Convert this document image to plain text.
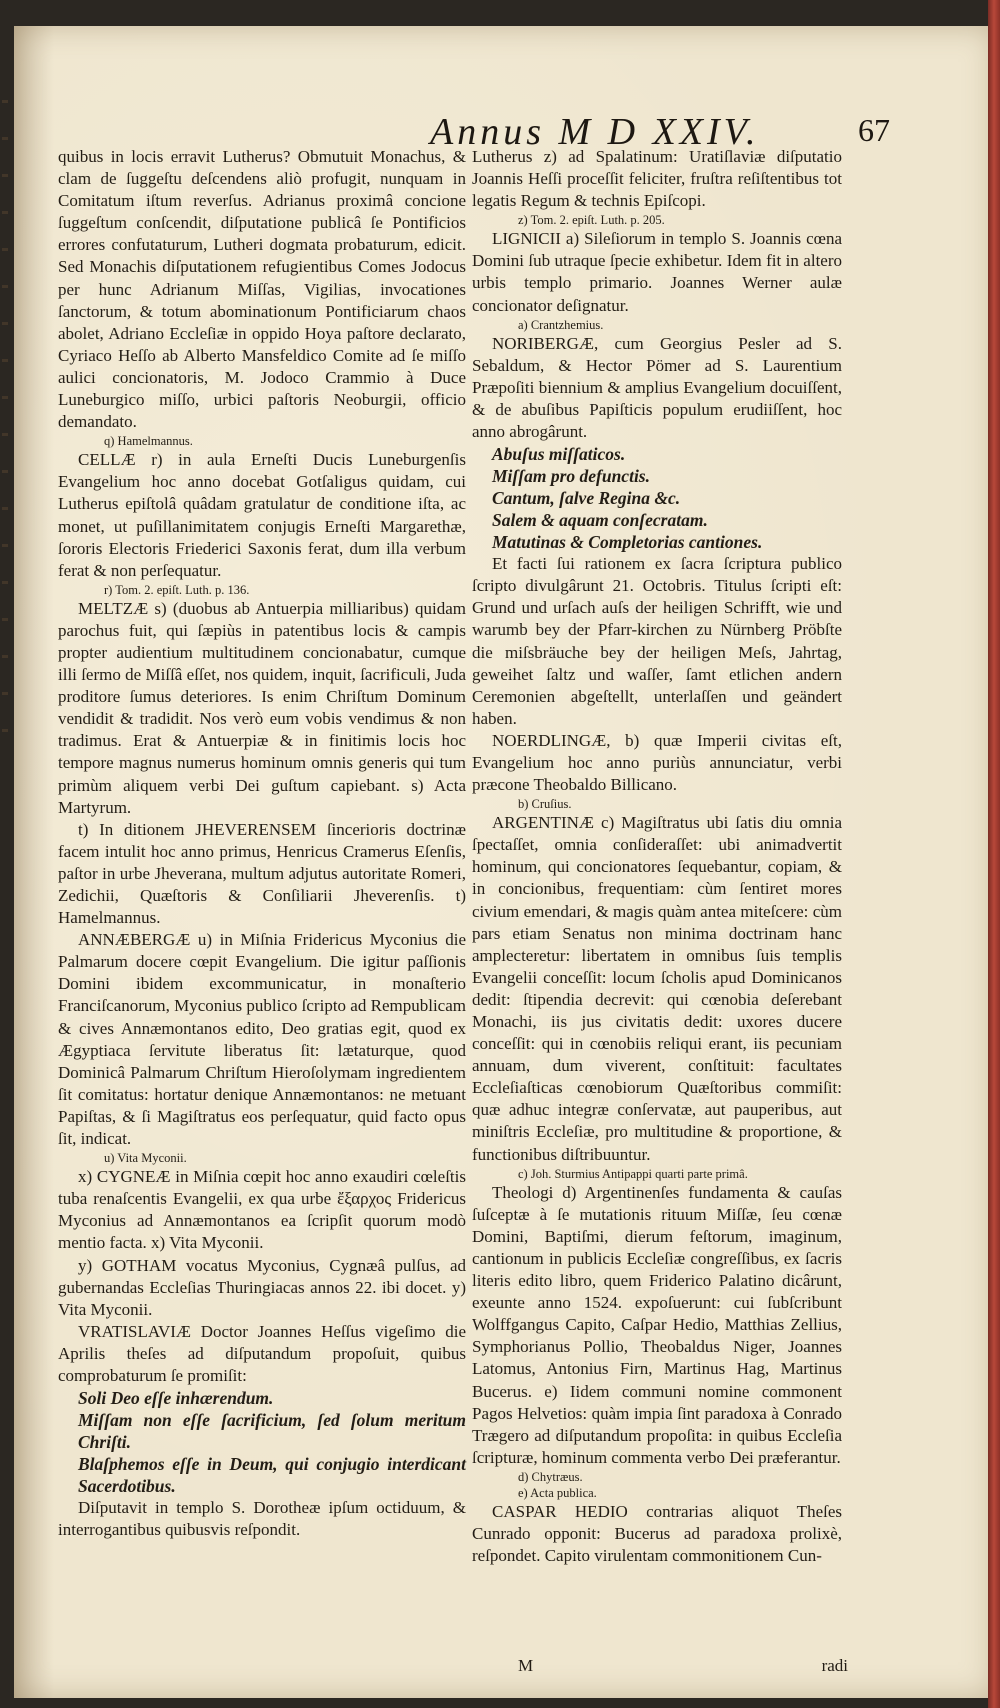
Annus M D XXIV.	67

quibus in locis erravit Lutherus? Obmutuit Monachus, & clam de ſuggeſtu deſcendens aliò profugit, nunquam in Comitatum iſtum reverſus. Adrianus proximâ concione ſuggeſtum conſcendit, diſputatione publicâ ſe Pontificios errores confutaturum, Lutheri dogmata probaturum, edicit. Sed Monachis diſputationem refugientibus Comes Jodocus per hunc Adrianum Miſſas, Vigilias, invocationes ſanctorum, & totum abominationum Pontificiarum chaos abolet, Adriano Eccleſiæ in oppido Hoya paſtore declarato, Cyriaco Heſſo ab Alberto Mansfeldico Comite ad ſe miſſo aulici concionatoris, M. Jodoco Crammio à Duce Luneburgico miſſo, urbici paſtoris Neoburgii, officio demandato.

q) Hamelmannus.

CELLÆ r) in aula Erneſti Ducis Luneburgenſis Evangelium hoc anno docebat Gotſaligus quidam, cui Lutherus epiſtolâ quâdam gratulatur de conditione iſta, ac monet, ut puſillanimitatem conjugis Erneſti Margarethæ, ſororis Electoris Friederici Saxonis ferat, dum illa verbum ferat & non perſequatur.

r) Tom. 2. epiſt. Luth. p. 136.

MELTZÆ s) (duobus ab Antuerpia milliaribus) quidam parochus fuit, qui ſæpiùs in patentibus locis & campis propter audientium multitudinem concionabatur, cumque illi ſermo de Miſſâ eſſet, nos quidem, inquit, ſacrificuli, Juda proditore ſumus deteriores. Is enim Chriſtum Dominum vendidit & tradidit. Nos verò eum vobis vendimus & non tradimus. Erat & Antuerpiæ & in finitimis locis hoc tempore magnus numerus hominum omnis generis qui tum primùm aliquem verbi Dei guſtum capiebant. s) Acta Martyrum.

t) In ditionem JHEVERENSEM ſincerioris doctrinæ facem intulit hoc anno primus, Henricus Cramerus Eſenſis, paſtor in urbe Jheverana, multum adjutus autoritate Romeri, Zedichii, Quæſtoris & Conſiliarii Jheverenſis. t) Hamelmannus.

ANNÆBERGÆ u) in Miſnia Fridericus Myconius die Palmarum docere cœpit Evangelium. Die igitur paſſionis Domini ibidem excommunicatur, in monaſterio Franciſcanorum, Myconius publico ſcripto ad Rempublicam & cives Annæmontanos edito, Deo gratias egit, quod ex Ægyptiaca ſervitute liberatus ſit: lætaturque, quod Dominicâ Palmarum Chriſtum Hieroſolymam ingredientem ſit comitatus: hortatur denique Annæmontanos: ne metuant Papiſtas, & ſi Magiſtratus eos perſequatur, quid facto opus ſit, indicat.

u) Vita Myconii.

x) CYGNEÆ in Miſnia cœpit hoc anno exaudiri cœleſtis tuba renaſcentis Evangelii, ex qua urbe ἔξαρχος Fridericus Myconius ad Annæmontanos ea ſcripſit quorum modò mentio facta. x) Vita Myconii.

y) GOTHAM vocatus Myconius, Cygnæâ pulſus, ad gubernandas Eccleſias Thuringiacas annos 22. ibi docet. y) Vita Myconii.

VRATISLAVIÆ Doctor Joannes Heſſus vigeſimo die Aprilis theſes ad diſputandum propoſuit, quibus comprobaturum ſe promiſit:

Soli Deo eſſe inhærendum.

Miſſam non eſſe ſacrificium, ſed ſolum meritum Chriſti.

Blaſphemos eſſe in Deum, qui conjugio interdicant Sacerdotibus.

Diſputavit in templo S. Dorotheæ ipſum octiduum, & interrogantibus quibusvis reſpondit.

Lutherus z) ad Spalatinum: Uratiſlaviæ diſputatio Joannis Heſſi proceſſit feliciter, fruſtra reſiſtentibus tot legatis Regum & technis Epiſcopi.

z) Tom. 2. epiſt. Luth. p. 205.

LIGNICII a) Sileſiorum in templo S. Joannis cœna Domini ſub utraque ſpecie exhibetur. Idem fit in altero urbis templo primario. Joannes Werner aulæ concionator deſignatur.

a) Crantzhemius.

NORIBERGÆ, cum Georgius Pesler ad S. Sebaldum, & Hector Pömer ad S. Laurentium Præpoſiti biennium & amplius Evangelium docuiſſent, & de abuſibus Papiſticis populum erudiiſſent, hoc anno abrogârunt.

Abuſus miſſaticos.

Miſſam pro defunctis.

Cantum, ſalve Regina &c.

Salem & aquam conſecratam.

Matutinas & Completorias cantiones.

Et facti ſui rationem ex ſacra ſcriptura publico ſcripto divulgârunt 21. Octobris. Titulus ſcripti eſt: Grund und urſach auſs der heiligen Schrifft, wie und warumb bey der Pfarr-kirchen zu Nürnberg Pröbſte die miſsbräuche bey der heiligen Meſs, Jahrtag, geweihet ſaltz und waſſer, ſamt etlichen andern Ceremonien abgeſtellt, unterlaſſen und geändert haben.

NOERDLINGÆ, b) quæ Imperii civitas eſt, Evangelium hoc anno puriùs annunciatur, verbi præcone Theobaldo Billicano.

b) Cruſius.

ARGENTINÆ c) Magiſtratus ubi ſatis diu omnia ſpectaſſet, omnia conſideraſſet: ubi animadvertit hominum, qui concionatores ſequebantur, copiam, & in concionibus, frequentiam: cùm ſentiret mores civium emendari, & magis quàm antea miteſcere: cùm pars etiam Senatus non minima doctrinam hanc amplecteretur: libertatem in omnibus ſuis templis Evangelii conceſſit: locum ſcholis apud Dominicanos dedit: ſtipendia decrevit: qui cœnobia deſerebant Monachi, iis jus civitatis dedit: uxores ducere conceſſit: qui in cœnobiis reliqui erant, iis pecuniam annuam, dum viverent, conſtituit: facultates Eccleſiaſticas cœnobiorum Quæſtoribus commiſit: quæ adhuc integræ conſervatæ, aut pauperibus, aut miniſtris Eccleſiæ, pro multitudine & proportione, & functionibus diſtribuuntur.

c) Joh. Sturmius Antipappi quarti parte primâ.

Theologi d) Argentinenſes fundamenta & cauſas ſuſceptæ à ſe mutationis rituum Miſſæ, ſeu cœnæ Domini, Baptiſmi, dierum feſtorum, imaginum, cantionum in publicis Eccleſiæ congreſſibus, ex ſacris literis edito libro, quem Friderico Palatino dicârunt, exeunte anno 1524. expoſuerunt: cui ſubſcribunt Wolffgangus Capito, Caſpar Hedio, Matthias Zellius, Symphorianus Pollio, Theobaldus Niger, Joannes Latomus, Antonius Firn, Martinus Hag, Martinus Bucerus. e) Iidem communi nomine commonent Pagos Helvetios: quàm impia ſint paradoxa à Conrado Trægero ad diſputandum propoſita: in quibus Eccleſia ſcripturæ, hominum commenta verbo Dei præferantur.

d) Chytræus.

e) Acta publica.

CASPAR HEDIO contrarias aliquot Theſes Cunrado opponit: Bucerus ad paradoxa prolixè, reſpondet. Capito virulentam commonitionem Cun-

M	radi
